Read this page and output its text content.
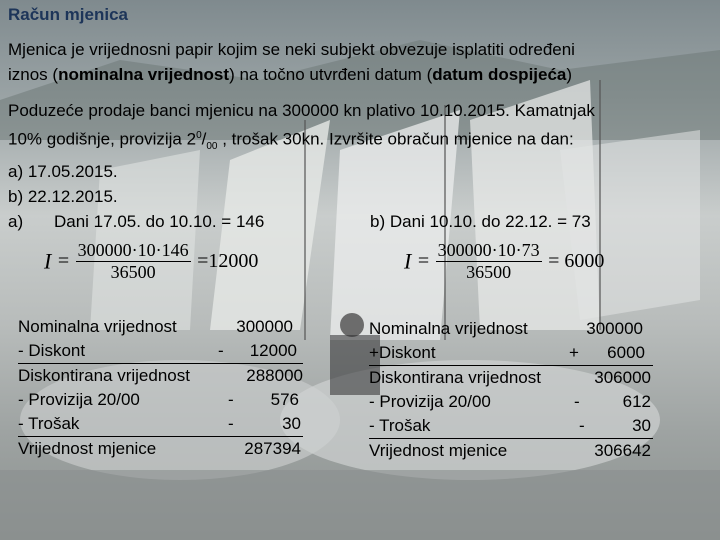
Račun mjenica
Mjenica je vrijednosni papir kojim se neki subjekt obvezuje isplatiti određeni
iznos (nominalna vrijednost) na točno utvrđeni datum (datum dospijeća)
Poduzeće prodaje banci mjenicu na 300000 kn plativo 10.10.2015. Kamatnjak
10% godišnje, provizija $2^0/_{00}$ , trošak 30kn. Izvršite obračun mjenice na dan:
a) 17.05.2015.
b) 22.12.2015.
a) Dani 17.05. do 10.10. = 146
$I = \frac{300000\cdot 10\cdot 146}{36500} =12000$
Nominalna vrijednost	300000
- Diskont	- 12000
Diskontirana vrijednost	288000
- Provizija 20/00	- 576
- Trošak	-	30
Vrijednost mjenice	287394
b) Dani 10.10. do 22.12. = 73
$I = \frac{300000\cdot 10\cdot 73}{36500} = 6000$
Nominalna vrijednost	300000
+Diskont	+ 6000
Diskontirana vrijednost	306000
- Provizija 20/00	-	612
- Trošak	-	30
Vrijednost mjenice	306642
